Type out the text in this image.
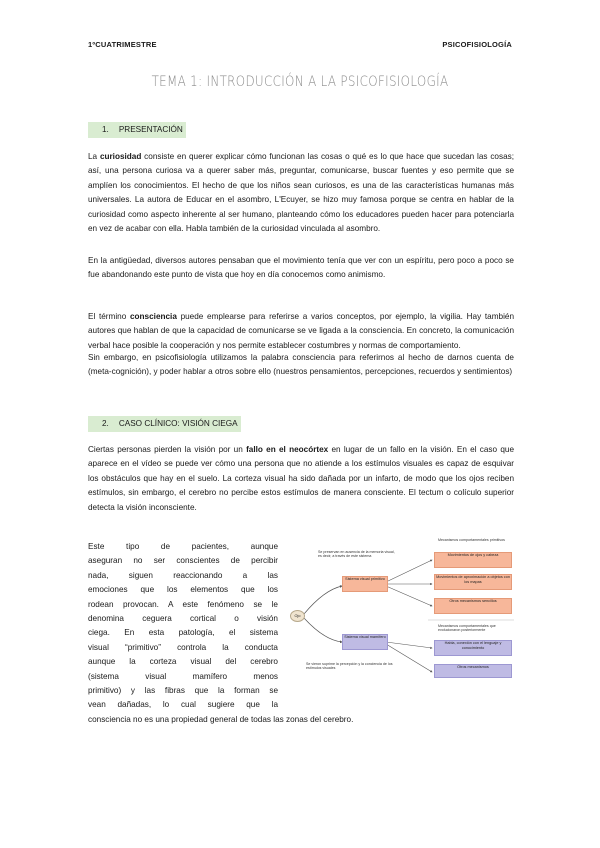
1ºCUATRIMESTRE	PSICOFISIOLOGÍA
TEMA 1: INTRODUCCIÓN A LA PSICOFISIOLOGÍA
1. PRESENTACIÓN

La curiosidad consiste en querer explicar cómo funcionan las cosas o qué es lo que hace que sucedan las cosas; así, una persona curiosa va a querer saber más, preguntar, comunicarse, buscar fuentes y eso permite que se amplíen los conocimientos. El hecho de que los niños sean curiosos, es una de las características humanas más universales. La autora de Educar en el asombro, L'Ecuyer, se hizo muy famosa porque se centra en hablar de la curiosidad como aspecto inherente al ser humano, planteando cómo los educadores pueden hacer para potenciarla en vez de acabar con ella. Habla también de la curiosidad vinculada al asombro.

En la antigüedad, diversos autores pensaban que el movimiento tenía que ver con un espíritu, pero poco a poco se fue abandonando este punto de vista que hoy en día conocemos como animismo.

El término consciencia puede emplearse para referirse a varios conceptos, por ejemplo, la vigilia. Hay también autores que hablan de que la capacidad de comunicarse se ve ligada a la consciencia. En concreto, la comunicación verbal hace posible la cooperación y nos permite establecer costumbres y normas de comportamiento.

Sin embargo, en psicofisiología utilizamos la palabra consciencia para referirnos al hecho de darnos cuenta de (meta-cognición), y poder hablar a otros sobre ello (nuestros pensamientos, percepciones, recuerdos y sentimientos)

2. CASO CLÍNICO: VISIÓN CIEGA

Ciertas personas pierden la visión por un fallo en el neocórtex en lugar de un fallo en la visión. En el caso que aparece en el vídeo se puede ver cómo una persona que no atiende a los estímulos visuales es capaz de esquivar los obstáculos que hay en el suelo. La corteza visual ha sido dañada por un infarto, de modo que los ojos reciben estímulos, sin embargo, el cerebro no percibe estos estímulos de manera consciente. El tectum o colículo superior detecta la visión inconsciente.

Este tipo de pacientes, aunque
aseguran no ser conscientes de percibir
nada, siguen reaccionando a las
emociones que los elementos que los
rodean provocan. A este fenómeno se le
denomina ceguera cortical o visión
ciega. En esta patología, el sistema
visual “primitivo” controla la conducta
aunque la corteza visual del cerebro
(sistema visual mamífero menos
primitivo) y las fibras que la forman se
vean dañadas, lo cual sugiere que la

consciencia no es una propiedad general de todas las zonas del cerebro.

Ojo
Se preservan en ausencia de la memoria visual, es decir, a través de este sistema
Sistema visual primitivo
Sistema visual mamífero
Se vieron suprime la percepción y la conciencia de los estímulos visuales
Mecanismos comportamentales primitivos
Movimientos de ojos y cabeza
Movimientos de aproximación a objetos con los mapas
Otros mecanismos sencillos
Mecanismos comportamentales que evolucionaron posteriormente
Habla, conexión con el lenguaje y conocimiento
Otros mecanismos
